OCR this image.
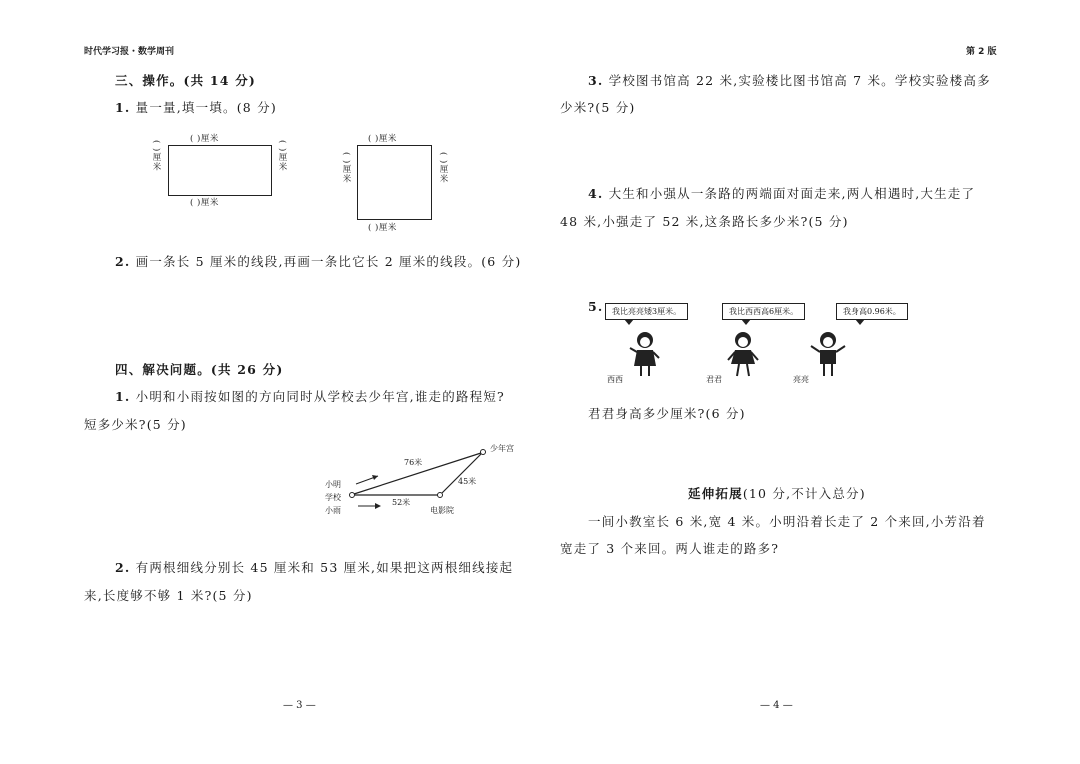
时代学习报・数学周刊	第 2 版
三、操作。(共 14 分)
1. 量一量,填一填。(8 分)
( )厘米
( )厘米
( )厘米	( )厘米
( )厘米
( )厘米
( )厘米	( )厘米
2. 画一条长 5 厘米的线段,再画一条比它长 2 厘米的线段。(6 分)
四、解决问题。(共 26 分)
1. 小明和小雨按如图的方向同时从学校去少年宫,谁走的路程短?
短多少米?(5 分)
小明
学校
小雨
少年宫
电影院
76米
52米
45米
2. 有两根细线分别长 45 厘米和 53 厘米,如果把这两根细线接起
来,长度够不够 1 米?(5 分)
— 3 —
3. 学校图书馆高 22 米,实验楼比图书馆高 7 米。学校实验楼高多
少米?(5 分)
4. 大生和小强从一条路的两端面对面走来,两人相遇时,大生走了
48 米,小强走了 52 米,这条路长多少米?(5 分)
5.	我比亮亮矮3厘米。	我比西西高6厘米。	我身高0.96米。
西西	君君	亮亮
君君身高多少厘米?(6 分)
延伸拓展(10 分,不计入总分)
一间小教室长 6 米,宽 4 米。小明沿着长走了 2 个来回,小芳沿着
宽走了 3 个来回。两人谁走的路多?
— 4 —
